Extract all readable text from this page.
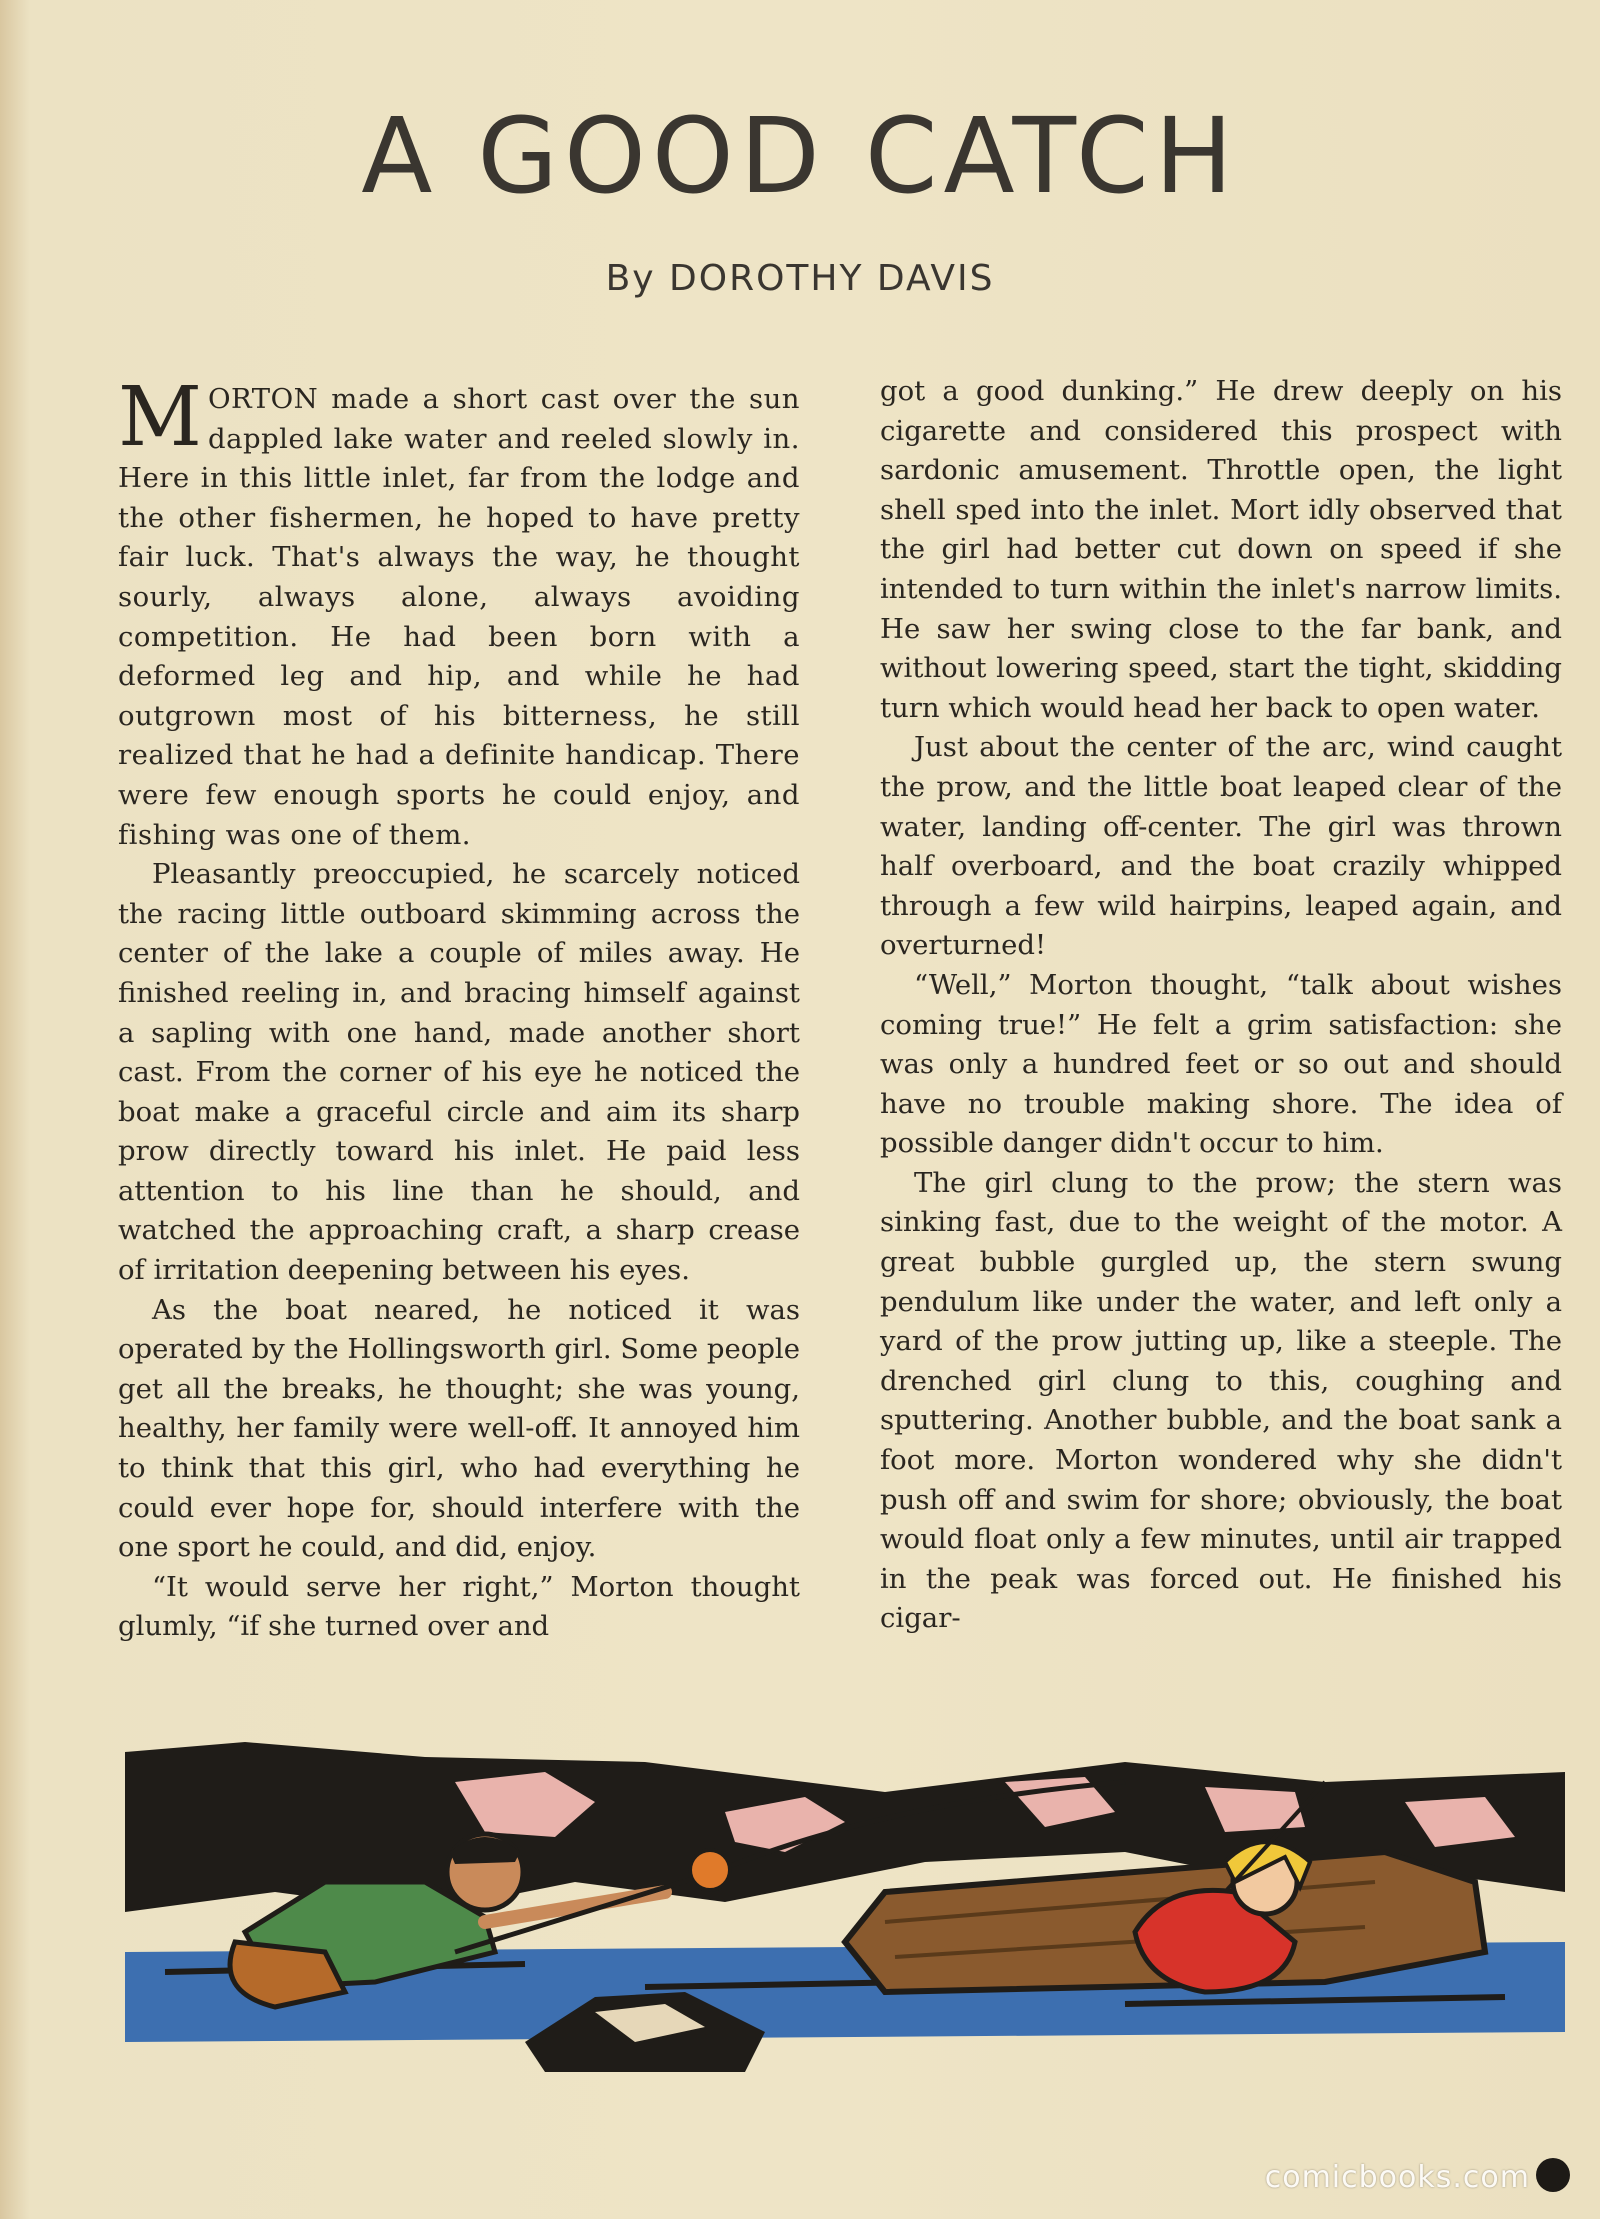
A GOOD CATCH
By DOROTHY DAVIS

MORTON made a short cast over the sun dappled lake water and reeled slowly in. Here in this little inlet, far from the lodge and the other fishermen, he hoped to have pretty fair luck. That's always the way, he thought sourly, always alone, always avoiding competition. He had been born with a deformed leg and hip, and while he had outgrown most of his bitterness, he still realized that he had a definite handicap. There were few enough sports he could enjoy, and fishing was one of them.

Pleasantly preoccupied, he scarcely noticed the racing little outboard skimming across the center of the lake a couple of miles away. He finished reeling in, and bracing himself against a sapling with one hand, made another short cast. From the corner of his eye he noticed the boat make a graceful circle and aim its sharp prow directly toward his inlet. He paid less attention to his line than he should, and watched the approaching craft, a sharp crease of irritation deepening between his eyes.

As the boat neared, he noticed it was operated by the Hollingsworth girl. Some people get all the breaks, he thought; she was young, healthy, her family were well-off. It annoyed him to think that this girl, who had everything he could ever hope for, should interfere with the one sport he could, and did, enjoy.

“It would serve her right,” Morton thought glumly, “if she turned over and

got a good dunking.” He drew deeply on his cigarette and considered this prospect with sardonic amusement. Throttle open, the light shell sped into the inlet. Mort idly observed that the girl had better cut down on speed if she intended to turn within the inlet's narrow limits. He saw her swing close to the far bank, and without lowering speed, start the tight, skidding turn which would head her back to open water.

Just about the center of the arc, wind caught the prow, and the little boat leaped clear of the water, landing off-center. The girl was thrown half overboard, and the boat crazily whipped through a few wild hairpins, leaped again, and overturned!

“Well,” Morton thought, “talk about wishes coming true!” He felt a grim satisfaction: she was only a hundred feet or so out and should have no trouble making shore. The idea of possible danger didn't occur to him.

The girl clung to the prow; the stern was sinking fast, due to the weight of the motor. A great bubble gurgled up, the stern swung pendulum like under the water, and left only a yard of the prow jutting up, like a steeple. The drenched girl clung to this, coughing and sputtering. Another bubble, and the boat sank a foot more. Morton wondered why she didn't push off and swim for shore; obviously, the boat would float only a few minutes, until air trapped in the peak was forced out. He finished his cigar-

comicbooks.com
